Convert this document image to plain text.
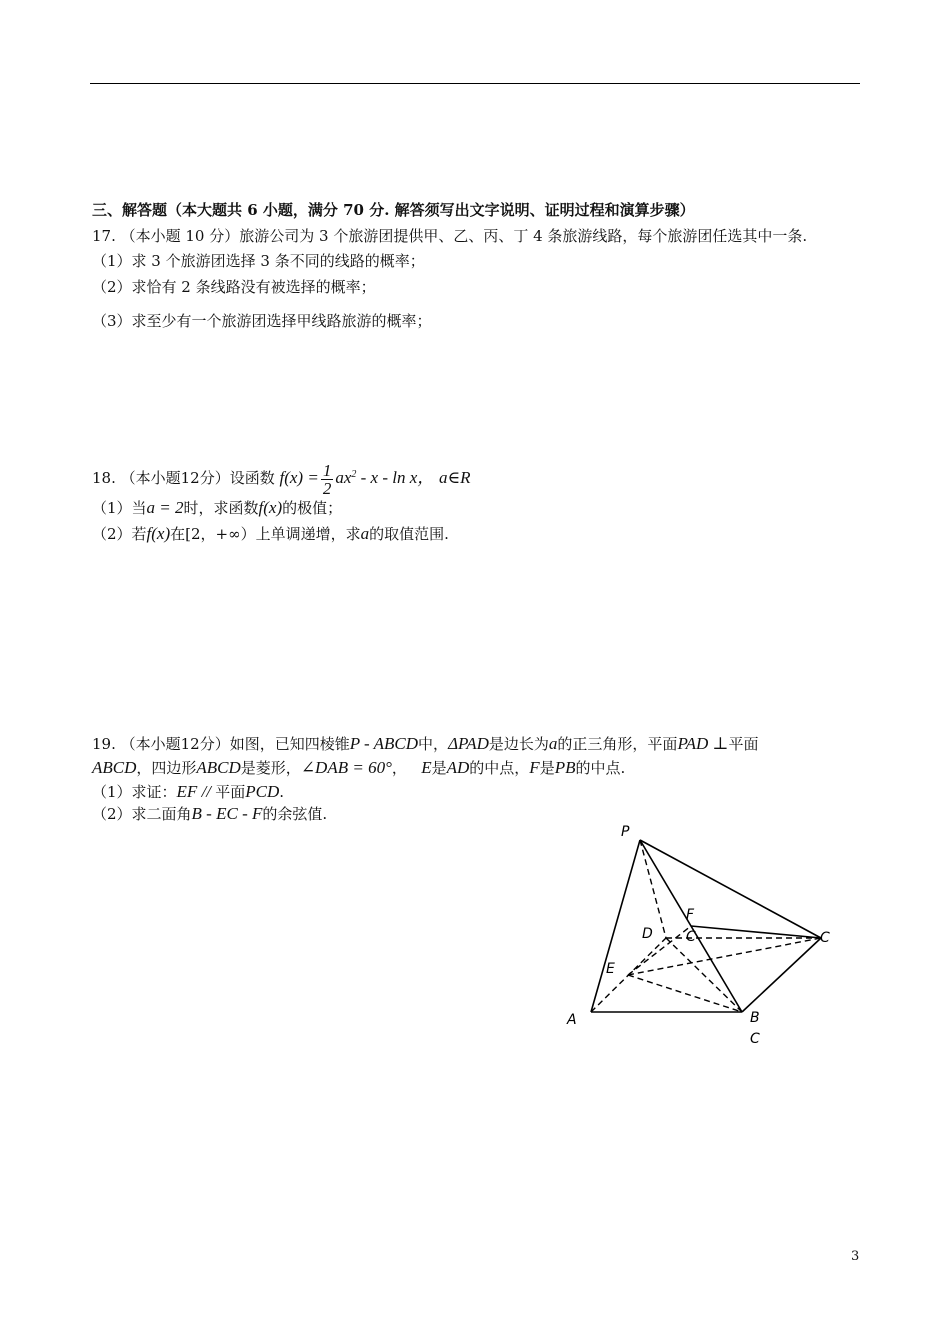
三、解答题（本大题共 6 小题，满分 70 分. 解答须写出文字说明、证明过程和演算步骤）
17. （本小题 10 分）旅游公司为 3 个旅游团提供甲、乙、丙、丁 4 条旅游线路，每个旅游团任选其中一条.
（1）求 3 个旅游团选择 3 条不同的线路的概率；
（2）求恰有 2 条线路没有被选择的概率；
（3）求至少有一个旅游团选择甲线路旅游的概率；
18. （本小题12分）设函数 $f(x) = \frac{1}{2} ax^2 - x - \ln x$， a∈R
（1）当a = 2时，求函数f(x)的极值；
（2）若f(x)在[2，+∞）上单调递增，求a的取值范围.
19. （本小题12分）如图，已知四棱锥P - ABCD中，ΔPAD是边长为a的正三角形，平面PAD ⊥平面
ABCD，四边形ABCD是菱形，∠DAB = 60°， E是AD的中点，F是PB的中点.
（1）求证：EF // 平面PCD.
（2）求二面角B - EC - F的余弦值.
P
F
D C	C
E
A	B
C
3
